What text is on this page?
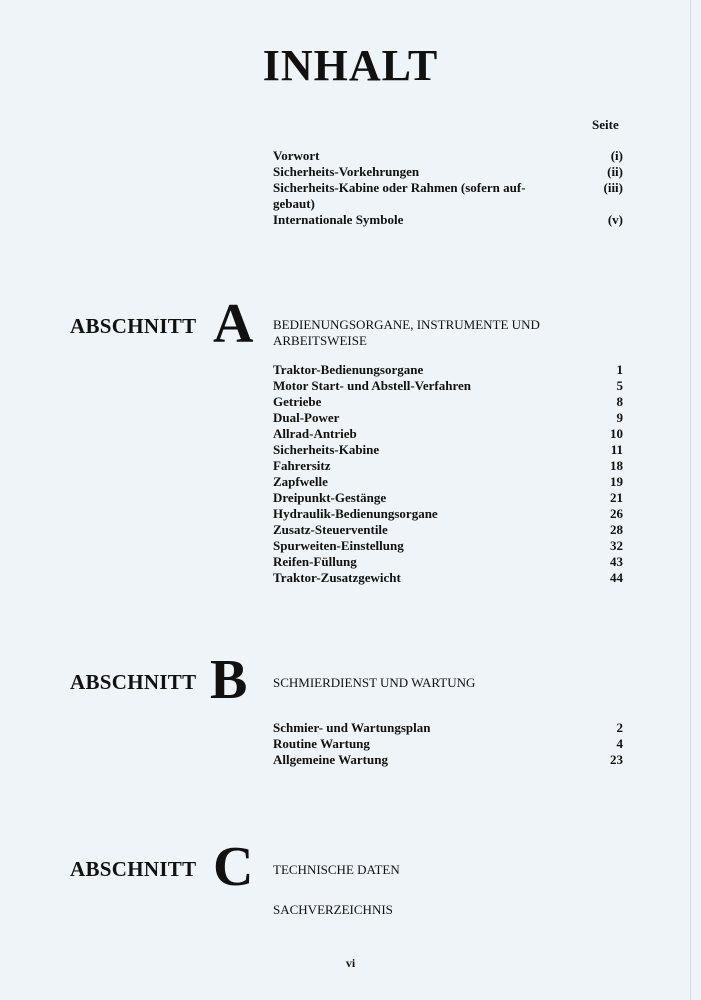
INHALT
Seite
Vorwort	(i)
Sicherheits-Vorkehrungen	(ii)
Sicherheits-Kabine oder Rahmen (sofern auf-gebaut)
(iii)
Internationale Symbole	(v)
ABSCHNITT A BEDIENUNGSORGANE, INSTRUMENTE UND ARBEITSWEISE
Traktor-Bedienungsorgane	1
Motor Start- und Abstell-Verfahren	5
Getriebe	8
Dual-Power	9
Allrad-Antrieb	10
Sicherheits-Kabine	11
Fahrersitz	18
Zapfwelle	19
Dreipunkt-Gestänge	21
Hydraulik-Bedienungsorgane	26
Zusatz-Steuerventile	28
Spurweiten-Einstellung	32
Reifen-Füllung	43
Traktor-Zusatzgewicht	44
ABSCHNITT B SCHMIERDIENST UND WARTUNG
Schmier- und Wartungsplan	2
Routine Wartung	4
Allgemeine Wartung	23
ABSCHNITT C TECHNISCHE DATEN
SACHVERZEICHNIS
vi
